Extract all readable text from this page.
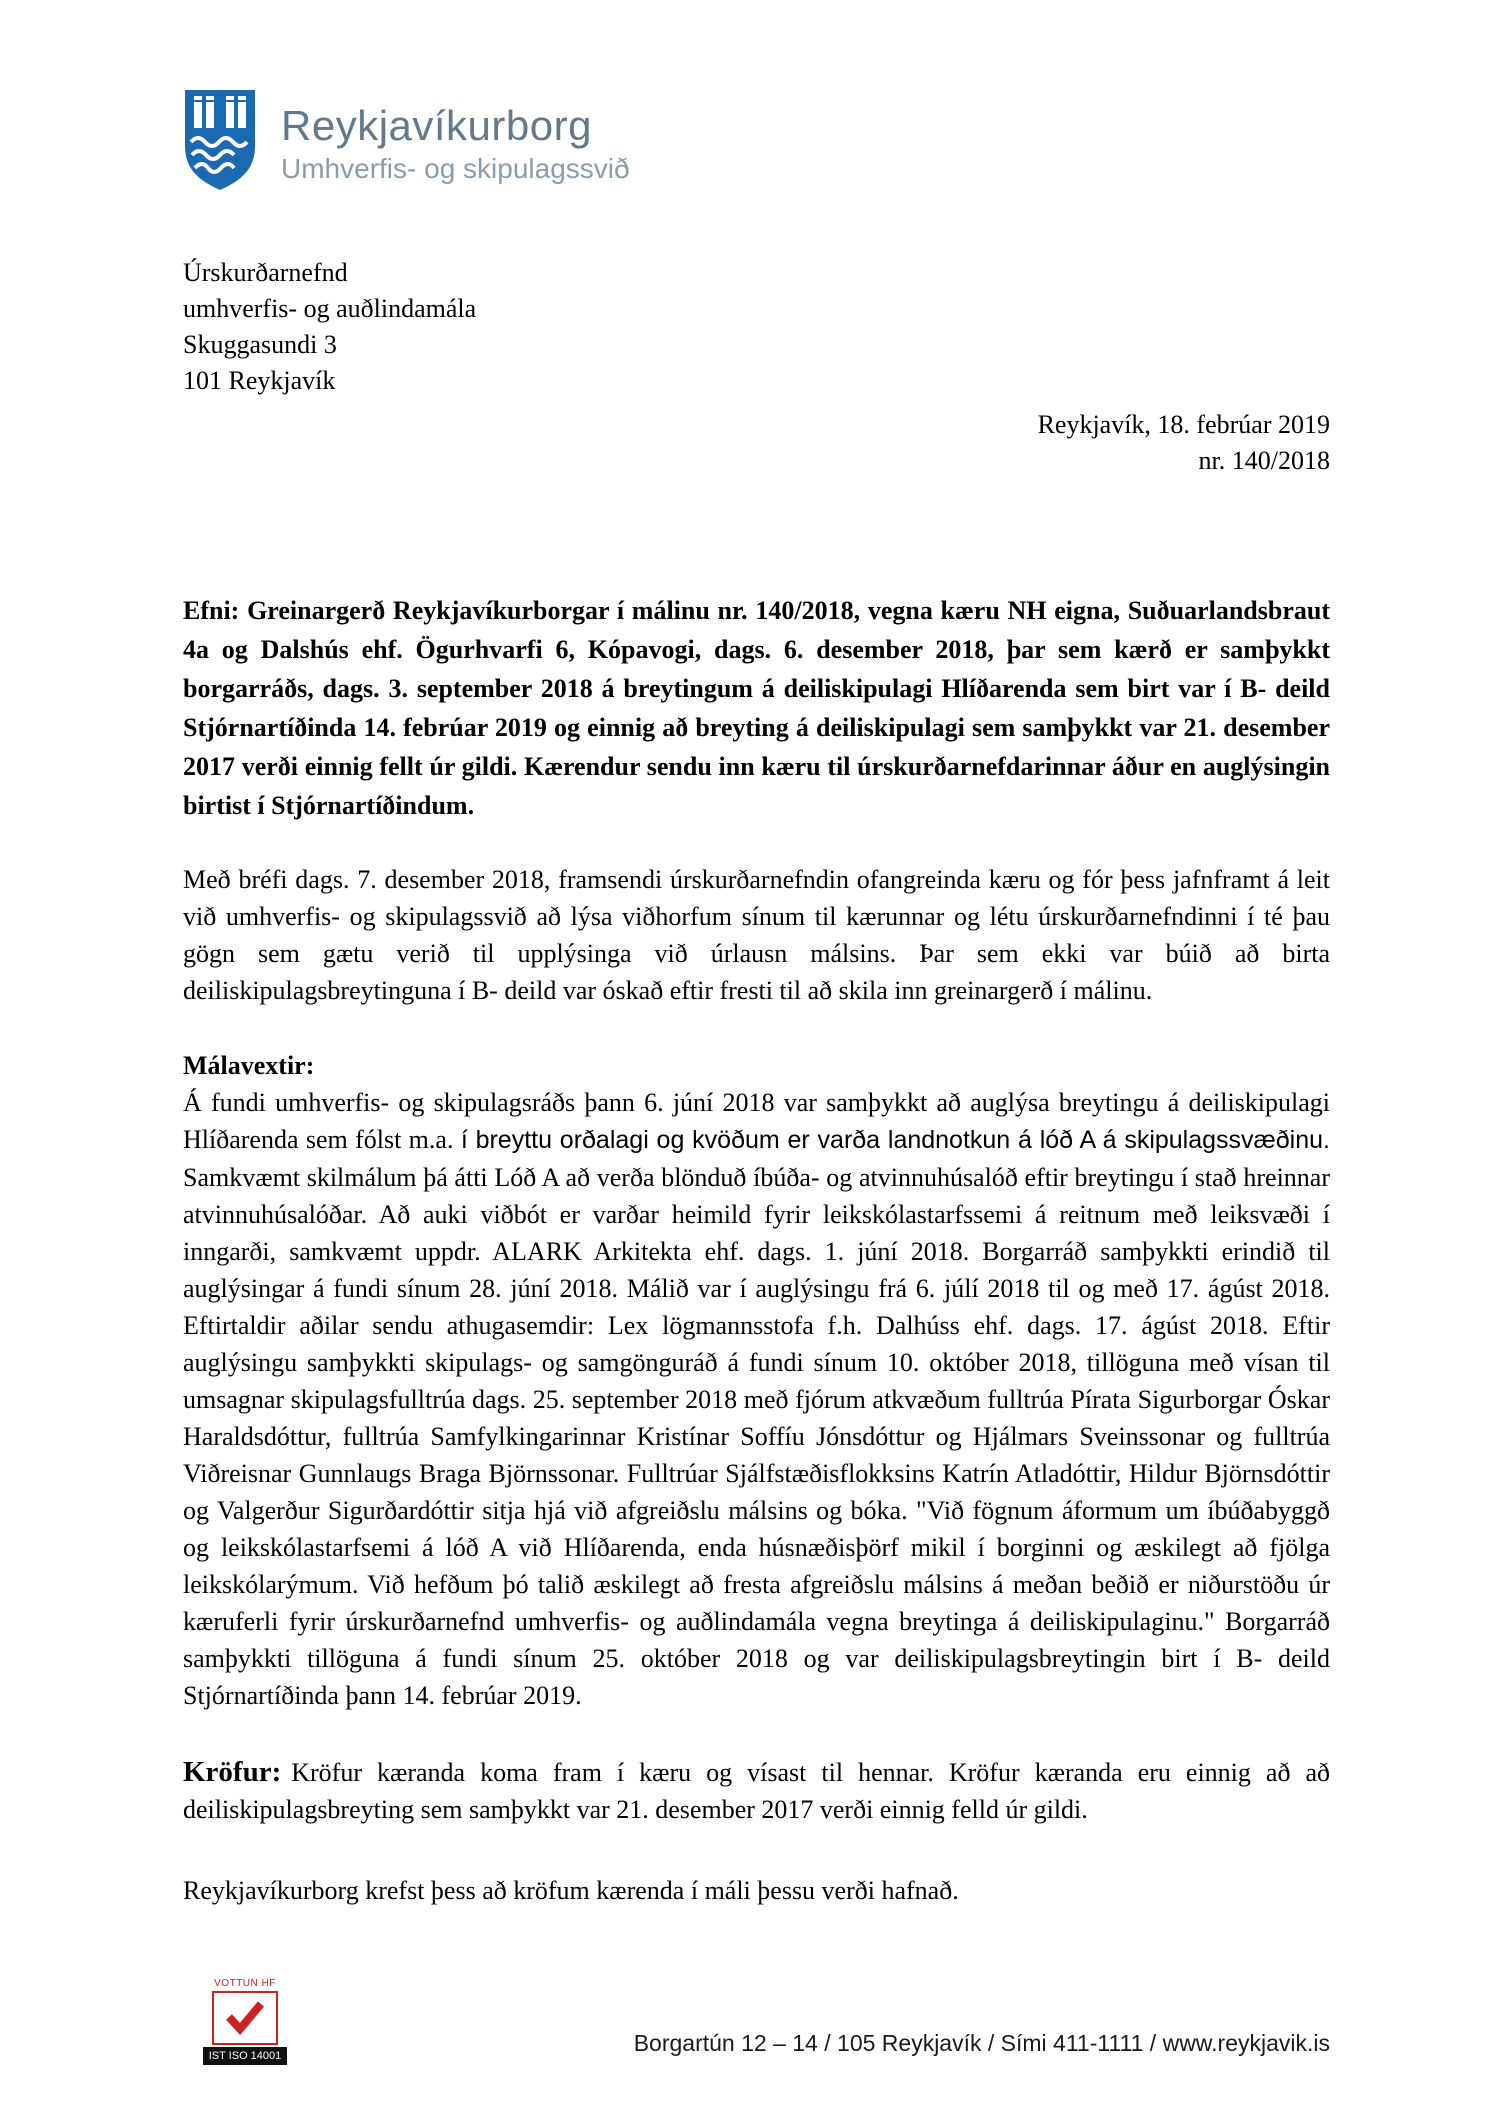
Reykjavíkurborg
Umhverfis- og skipulagssvið
Úrskurðarnefnd
umhverfis- og auðlindamála
Skuggasundi 3
101 Reykjavík
Reykjavík, 18. febrúar 2019
nr. 140/2018
Efni: Greinargerð Reykjavíkurborgar í málinu nr. 140/2018, vegna kæru NH eigna, Suðuarlandsbraut 4a og Dalshús ehf. Ögurhvarfi 6, Kópavogi, dags. 6. desember 2018, þar sem kærð er samþykkt borgarráðs, dags. 3. september 2018 á breytingum á deiliskipulagi Hlíðarenda sem birt var í B- deild Stjórnartíðinda 14. febrúar 2019 og einnig að breyting á deiliskipulagi sem samþykkt var 21. desember 2017 verði einnig fellt úr gildi. Kærendur sendu inn kæru til úrskurðarnefdarinnar áður en auglýsingin birtist í Stjórnartíðindum.
Með bréfi dags. 7. desember 2018, framsendi úrskurðarnefndin ofangreinda kæru og fór þess jafnframt á leit við umhverfis- og skipulagssvið að lýsa viðhorfum sínum til kærunnar og létu úrskurðarnefndinni í té þau gögn sem gætu verið til upplýsinga við úrlausn málsins. Þar sem ekki var búið að birta deiliskipulagsbreytinguna í B- deild var óskað eftir fresti til að skila inn greinargerð í málinu.
Málavextir:
Á fundi umhverfis- og skipulagsráðs þann 6. júní 2018 var samþykkt að auglýsa breytingu á deiliskipulagi Hlíðarenda sem fólst m.a. í breyttu orðalagi og kvöðum er varða landnotkun á lóð A á skipulagssvæðinu. Samkvæmt skilmálum þá átti Lóð A að verða blönduð íbúða- og atvinnuhúsalóð eftir breytingu í stað hreinnar atvinnuhúsalóðar. Að auki viðbót er varðar heimild fyrir leikskólastarfssemi á reitnum með leiksvæði í inngarði, samkvæmt uppdr. ALARK Arkitekta ehf. dags. 1. júní 2018. Borgarráð samþykkti erindið til auglýsingar á fundi sínum 28. júní 2018. Málið var í auglýsingu frá 6. júlí 2018 til og með 17. ágúst 2018. Eftirtaldir aðilar sendu athugasemdir: Lex lögmannsstofa f.h. Dalhúss ehf. dags. 17. ágúst 2018. Eftir auglýsingu samþykkti skipulags- og samgönguráð á fundi sínum 10. október 2018, tillöguna með vísan til umsagnar skipulagsfulltrúa dags. 25. september 2018 með fjórum atkvæðum fulltrúa Pírata Sigurborgar Óskar Haraldsdóttur, fulltrúa Samfylkingarinnar Kristínar Soffíu Jónsdóttur og Hjálmars Sveinssonar og fulltrúa Viðreisnar Gunnlaugs Braga Björnssonar. Fulltrúar Sjálfstæðisflokksins Katrín Atladóttir, Hildur Björnsdóttir og Valgerður Sigurðardóttir sitja hjá við afgreiðslu málsins og bóka. "Við fögnum áformum um íbúðabyggð og leikskólastarfsemi á lóð A við Hlíðarenda, enda húsnæðisþörf mikil í borginni og æskilegt að fjölga leikskólarýmum. Við hefðum þó talið æskilegt að fresta afgreiðslu málsins á meðan beðið er niðurstöðu úr kæruferli fyrir úrskurðarnefnd umhverfis- og auðlindamála vegna breytinga á deiliskipulaginu." Borgarráð samþykkti tillöguna á fundi sínum 25. október 2018 og var deiliskipulagsbreytingin birt í B- deild Stjórnartíðinda þann 14. febrúar 2019.
Kröfur: Kröfur kæranda koma fram í kæru og vísast til hennar. Kröfur kæranda eru einnig að að deiliskipulagsbreyting sem samþykkt var 21. desember 2017 verði einnig felld úr gildi.
Reykjavíkurborg krefst þess að kröfum kærenda í máli þessu verði hafnað.
VOTTUN HF
IST ISO 14001	Borgartún 12 – 14 / 105 Reykjavík / Sími 411-1111 / www.reykjavik.is
